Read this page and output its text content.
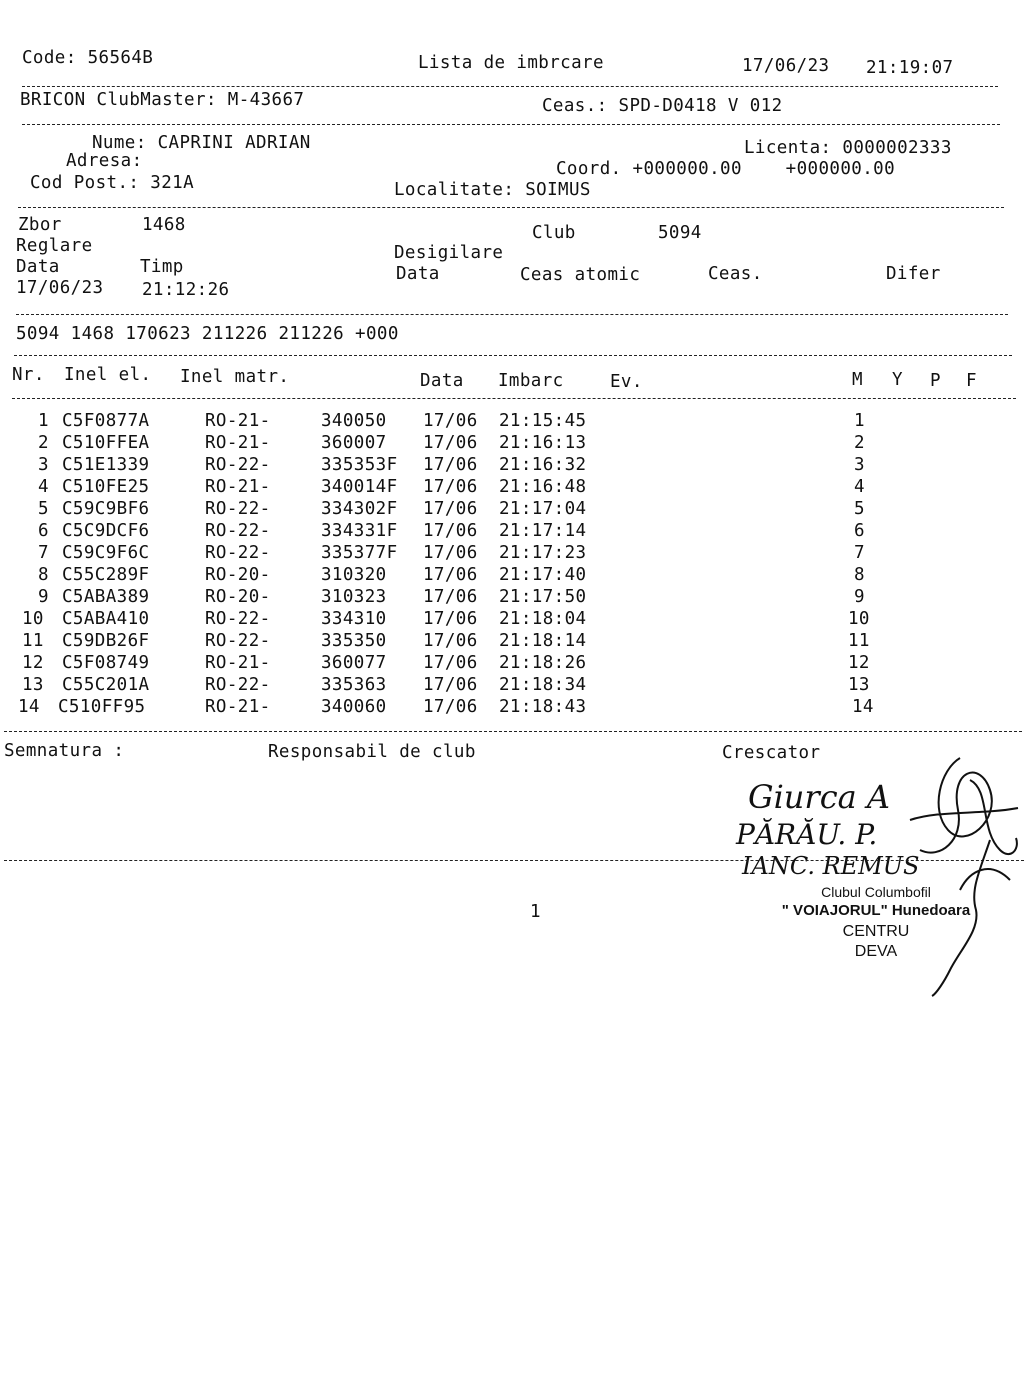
Code: 56564B	Lista de imbrcare	17/06/23 21:19:07
BRICON ClubMaster: M-43667	Ceas.: SPD-D0418 V 012
Nume: CAPRINI ADRIAN	Licenta: 0000002333
Adresa:	Coord. +000000.00    +000000.00
Cod Post.: 321A	Localitate: SOIMUS
Zbor	1468	Club	5094
Reglare	Desigilare
Data	Timp	Data	Ceas atomic	Ceas.	Difer
17/06/23 21:12:26
5094 1468 170623 211226 211226 +000
Nr. Inel el. Inel matr.	Data Imbarc	Ev.	M Y P F
1 C5F0877A	RO-21-	340050 17/06 21:15:45	1
2 C510FFEA	RO-21-	360007 17/06 21:16:13	2
3 C51E1339	RO-22-	335353F 17/06 21:16:32	3
4 C510FE25	RO-21-	340014F 17/06 21:16:48	4
5 C59C9BF6	RO-22-	334302F 17/06 21:17:04	5
6 C5C9DCF6	RO-22-	334331F 17/06 21:17:14	6
7 C59C9F6C	RO-22-	335377F 17/06 21:17:23	7
8 C55C289F	RO-20-	310320 17/06 21:17:40	8
9 C5ABA389	RO-20-	310323 17/06 21:17:50	9
10 C5ABA410	RO-22-	334310 17/06 21:18:04	10
11 C59DB26F	RO-22-	335350 17/06 21:18:14	11
12 C5F08749	RO-21-	360077 17/06 21:18:26	12
13 C55C201A	RO-22-	335363 17/06 21:18:34	13
14 C510FF95	RO-21-	340060 17/06 21:18:43	14
Semnatura :	Responsabil de club	Crescator
Giurca A
PĂRĂU. P.
IANC. REMUS
Clubul Columbofil
" VOIAJORUL" Hunedoara
CENTRU
DEVA
1
